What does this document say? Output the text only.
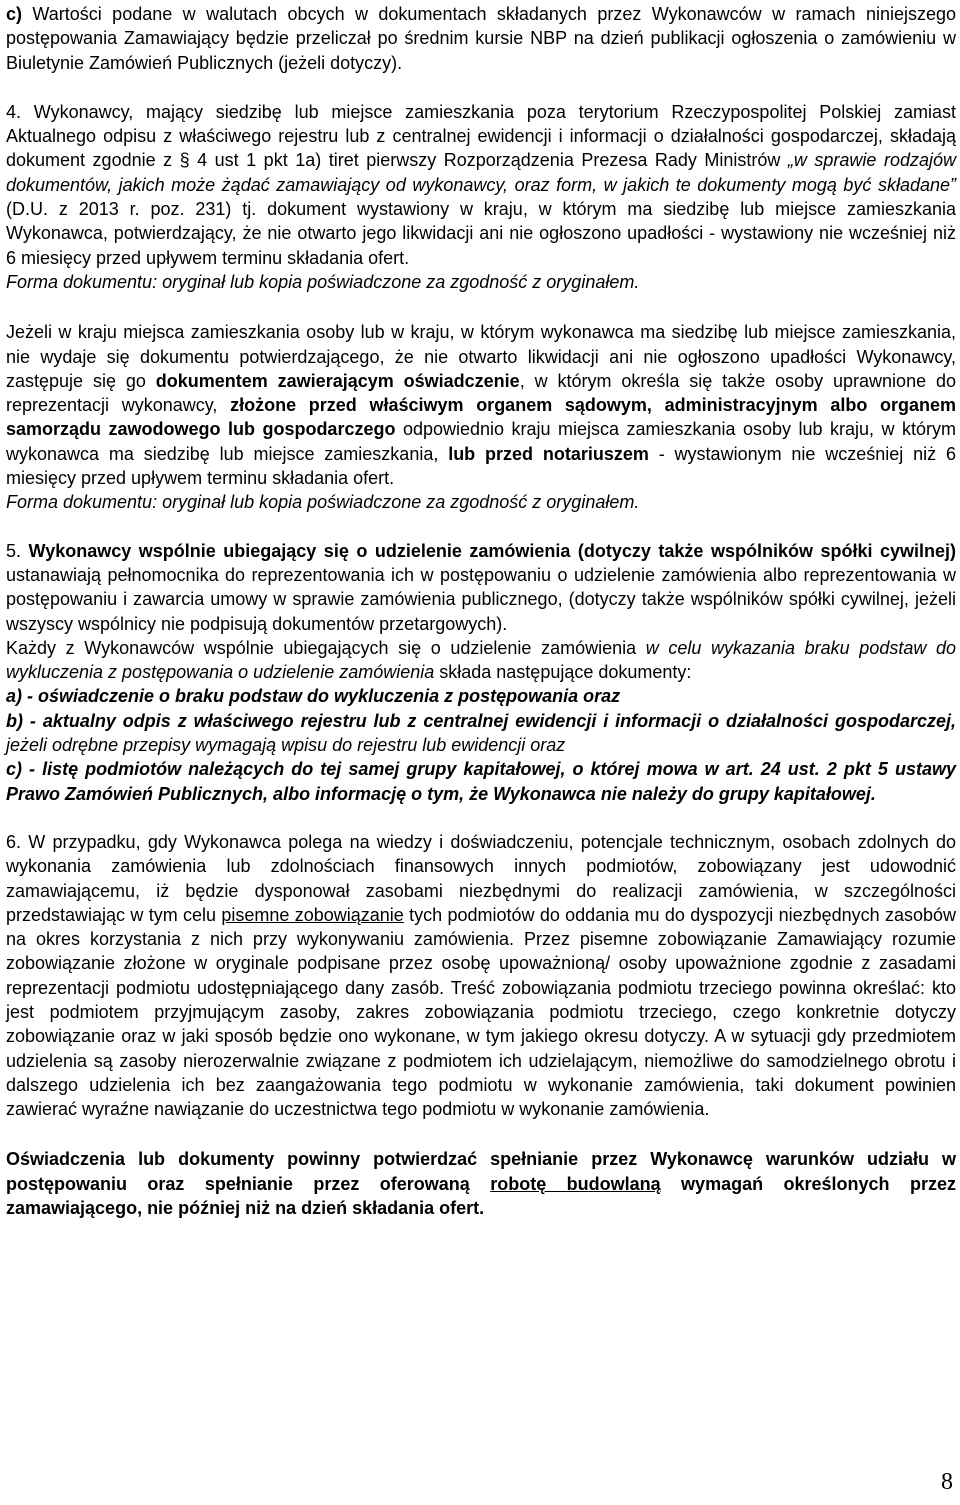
c) Wartości podane w walutach obcych w dokumentach składanych przez Wykonawców w ramach niniejszego postępowania Zamawiający będzie przeliczał po średnim kursie NBP na dzień publikacji ogłoszenia o zamówieniu w Biuletynie Zamówień Publicznych (jeżeli dotyczy).

4. Wykonawcy, mający siedzibę lub miejsce zamieszkania poza terytorium Rzeczypospolitej Polskiej zamiast Aktualnego odpisu z właściwego rejestru lub z centralnej ewidencji i informacji o działalności gospodarczej, składają dokument zgodnie z § 4 ust 1 pkt 1a) tiret pierwszy Rozporządzenia Prezesa Rady Ministrów „w sprawie rodzajów dokumentów, jakich może żądać zamawiający od wykonawcy, oraz form, w jakich te dokumenty mogą być składane” (D.U. z 2013 r. poz. 231) tj. dokument wystawiony w kraju, w którym ma siedzibę lub miejsce zamieszkania Wykonawca, potwierdzający, że nie otwarto jego likwidacji ani nie ogłoszono upadłości - wystawiony nie wcześniej niż 6 miesięcy przed upływem terminu składania ofert.

Forma dokumentu: oryginał lub kopia poświadczone za zgodność z oryginałem.

Jeżeli w kraju miejsca zamieszkania osoby lub w kraju, w którym wykonawca ma siedzibę lub miejsce zamieszkania, nie wydaje się dokumentu potwierdzającego, że nie otwarto likwidacji ani nie ogłoszono upadłości Wykonawcy, zastępuje się go dokumentem zawierającym oświadczenie, w którym określa się także osoby uprawnione do reprezentacji wykonawcy, złożone przed właściwym organem sądowym, administracyjnym albo organem samorządu zawodowego lub gospodarczego odpowiednio kraju miejsca zamieszkania osoby lub kraju, w którym wykonawca ma siedzibę lub miejsce zamieszkania, lub przed notariuszem - wystawionym nie wcześniej niż 6 miesięcy przed upływem terminu składania ofert.

Forma dokumentu: oryginał lub kopia poświadczone za zgodność z oryginałem.

5. Wykonawcy wspólnie ubiegający się o udzielenie zamówienia (dotyczy także wspólników spółki cywilnej) ustanawiają pełnomocnika do reprezentowania ich w postępowaniu o udzielenie zamówienia albo reprezentowania w postępowaniu i zawarcia umowy w sprawie zamówienia publicznego, (dotyczy także wspólników spółki cywilnej, jeżeli wszyscy wspólnicy nie podpisują dokumentów przetargowych).

Każdy z Wykonawców wspólnie ubiegających się o udzielenie zamówienia w celu wykazania braku podstaw do wykluczenia z postępowania o udzielenie zamówienia składa następujące dokumenty:

a) - oświadczenie o braku podstaw do wykluczenia z postępowania oraz

b) - aktualny odpis z właściwego rejestru lub z centralnej ewidencji i informacji o działalności gospodarczej, jeżeli odrębne przepisy wymagają wpisu do rejestru lub ewidencji oraz

c) - listę podmiotów należących do tej samej grupy kapitałowej, o której mowa w art. 24 ust. 2 pkt 5 ustawy Prawo Zamówień Publicznych, albo informację o tym, że Wykonawca nie należy do grupy kapitałowej.

6. W przypadku, gdy Wykonawca polega na wiedzy i doświadczeniu, potencjale technicznym, osobach zdolnych do wykonania zamówienia lub zdolnościach finansowych innych podmiotów, zobowiązany jest udowodnić zamawiającemu, iż będzie dysponował zasobami niezbędnymi do realizacji zamówienia, w szczególności przedstawiając w tym celu pisemne zobowiązanie tych podmiotów do oddania mu do dyspozycji niezbędnych zasobów na okres korzystania z nich przy wykonywaniu zamówienia. Przez pisemne zobowiązanie Zamawiający rozumie zobowiązanie złożone w oryginale podpisane przez osobę upoważnioną/ osoby upoważnione zgodnie z zasadami reprezentacji podmiotu udostępniającego dany zasób. Treść zobowiązania podmiotu trzeciego powinna określać: kto jest podmiotem przyjmującym zasoby, zakres zobowiązania podmiotu trzeciego, czego konkretnie dotyczy zobowiązanie oraz w jaki sposób będzie ono wykonane, w tym jakiego okresu dotyczy. A w sytuacji gdy przedmiotem udzielenia są zasoby nierozerwalnie związane z podmiotem ich udzielającym, niemożliwe do samodzielnego obrotu i dalszego udzielenia ich bez zaangażowania tego podmiotu w wykonanie zamówienia, taki dokument powinien zawierać wyraźne nawiązanie do uczestnictwa tego podmiotu w wykonanie zamówienia.

Oświadczenia lub dokumenty powinny potwierdzać spełnianie przez Wykonawcę warunków udziału w postępowaniu oraz spełnianie przez oferowaną robotę budowlaną wymagań określonych przez zamawiającego, nie później niż na dzień składania ofert.

8
